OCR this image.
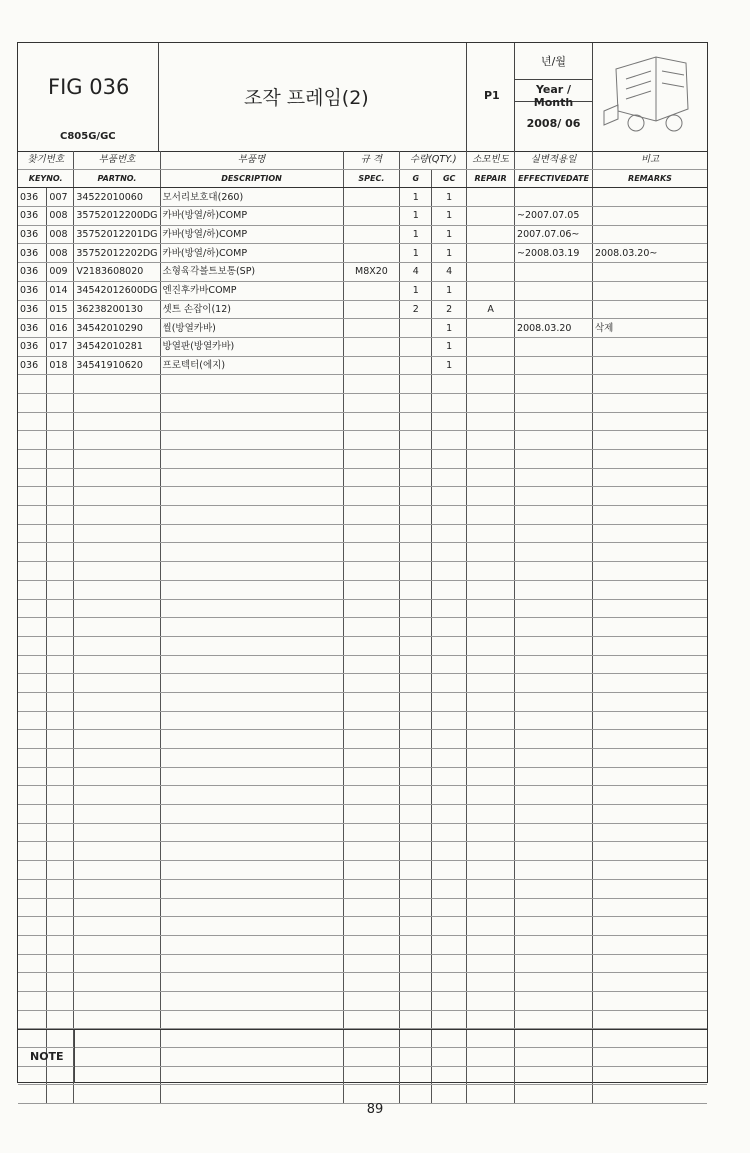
FIG 036
C805G/GC
조작 프레임(2)	P1
년/월
Year / Month
2008/ 06
찾기번호		부품번호	부품명	규 격	수량(QTY.)		소모빈도	실변적용일	비고
KEYNO.		PARTNO.	DESCRIPTION	SPEC.	G	GC	REPAIR	EFFECTIVEDATE	REMARKS
036	007	34522010060	모서리보호대(260)		1	1			
036	008	35752012200DG	카바(방열/하)COMP		1	1		~2007.07.05	
036	008	35752012201DG	카바(방열/하)COMP		1	1		2007.07.06~	
036	008	35752012202DG	카바(방열/하)COMP		1	1		~2008.03.19	2008.03.20~
036	009	V2183608020	소형육각볼트보통(SP)	M8X20	4	4			
036	014	34542012600DG	엔진후카바COMP		1	1			
036	015	36238200130	셋트 손잡이(12)		2	2	A		
036	016	34542010290	씰(방열카바)			1		2008.03.20	삭제
036	017	34542010281	방열판(방열카바)			1			
036	018	34541910620	프로텍터(에지)			1			

NOTE
89
